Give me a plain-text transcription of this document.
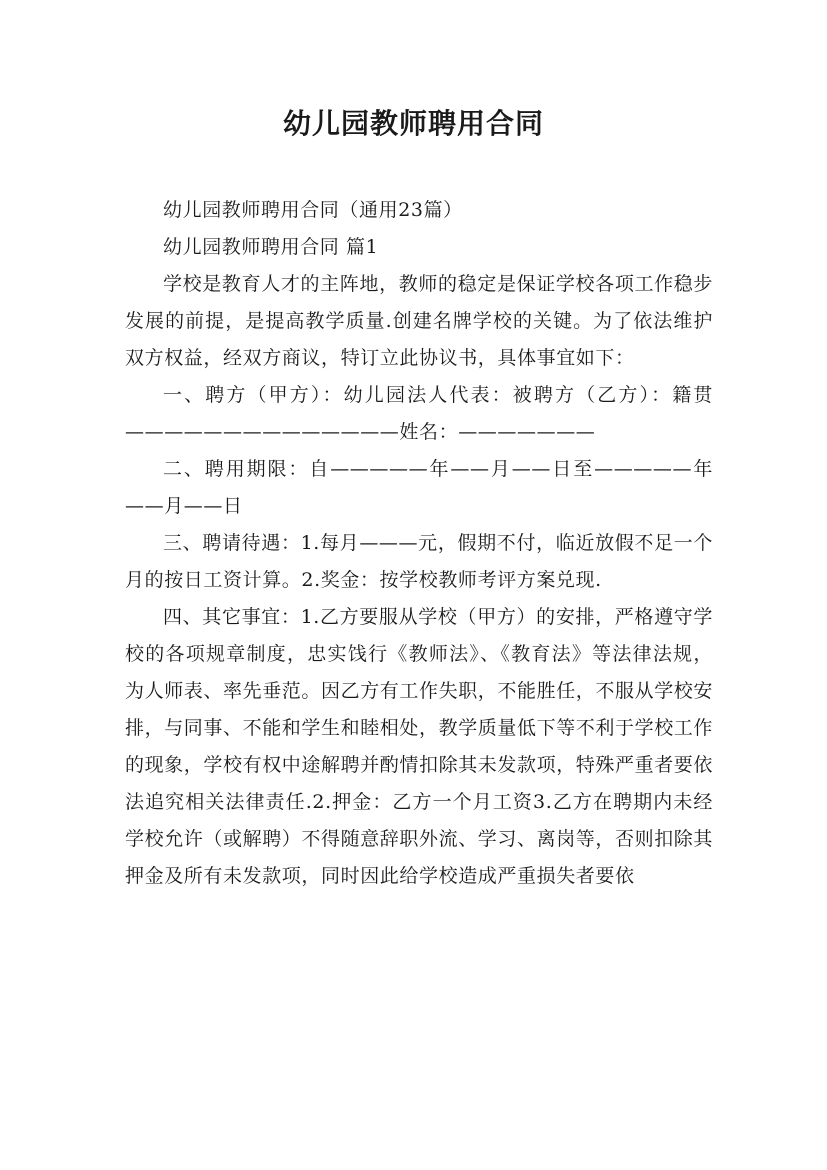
幼儿园教师聘用合同

幼儿园教师聘用合同（通用23篇）

幼儿园教师聘用合同 篇1

学校是教育人才的主阵地，教师的稳定是保证学校各项工作稳步发展的前提，是提高教学质量.创建名牌学校的关键。为了依法维护双方权益，经双方商议，特订立此协议书，具体事宜如下：

一、聘方（甲方）：幼儿园法人代表：被聘方（乙方）：籍贯——————————————姓名：———————

二、聘用期限：自—————年——月——日至—————年——月——日

三、聘请待遇：1.每月———元，假期不付，临近放假不足一个月的按日工资计算。2.奖金：按学校教师考评方案兑现.

四、其它事宜：1.乙方要服从学校（甲方）的安排，严格遵守学校的各项规章制度，忠实饯行《教师法》、《教育法》等法律法规，为人师表、率先垂范。因乙方有工作失职，不能胜任，不服从学校安排，与同事、不能和学生和睦相处，教学质量低下等不利于学校工作的现象，学校有权中途解聘并酌情扣除其未发款项，特殊严重者要依法追究相关法律责任.2.押金：乙方一个月工资3.乙方在聘期内未经学校允许（或解聘）不得随意辞职外流、学习、离岗等，否则扣除其押金及所有未发款项，同时因此给学校造成严重损失者要依
